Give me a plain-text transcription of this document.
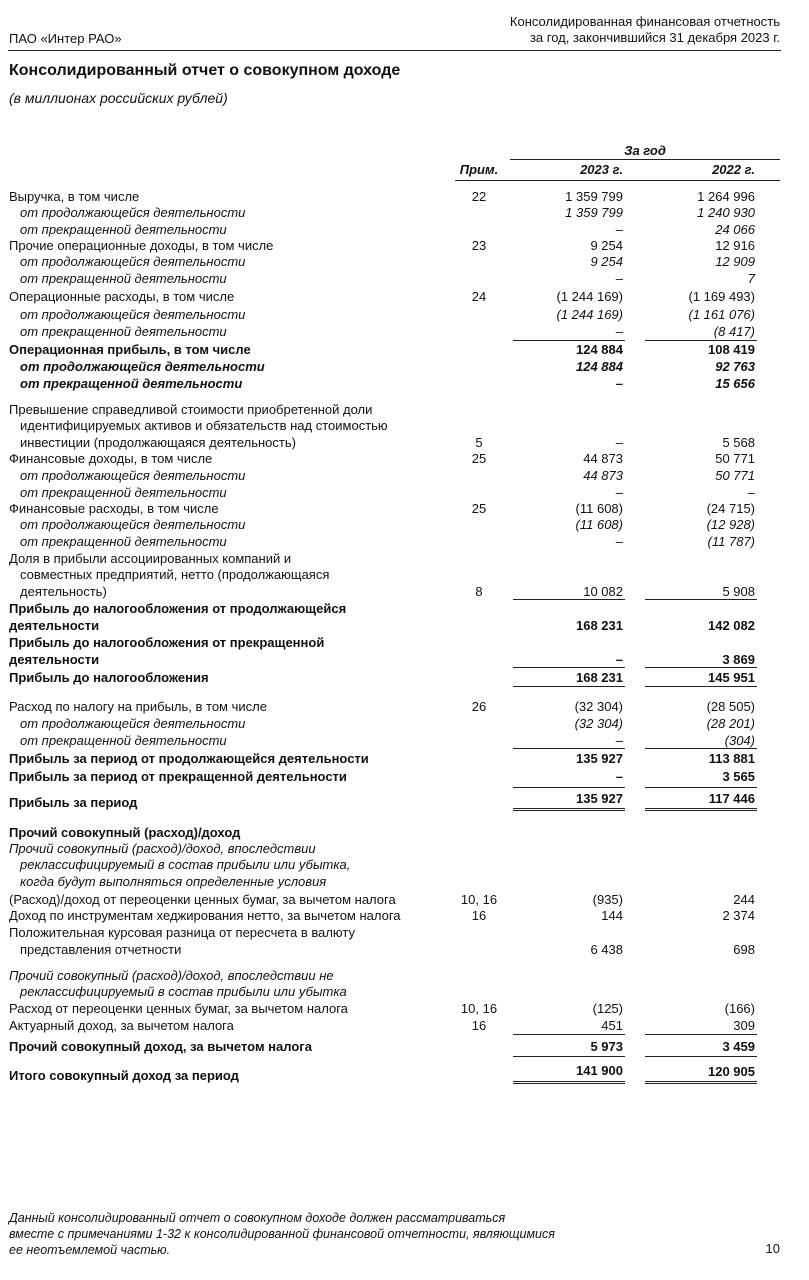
ПАО «Интер РАО»
Консолидированная финансовая отчетность
за год, закончившийся 31 декабря 2023 г.
Консолидированный отчет о совокупном доходе
(в миллионах российских рублей)
За год
Прим.	2023 г.	2022 г.
Выручка, в том числе	22	1 359 799	1 264 996
от продолжающейся деятельности	1 359 799	1 240 930
от прекращенной деятельности	–	24 066
Прочие операционные доходы, в том числе	23	9 254	12 916
от продолжающейся деятельности	9 254	12 909
от прекращенной деятельности	–	7
Операционные расходы, в том числе	24	(1 244 169)	(1 169 493)
от продолжающейся деятельности	(1 244 169)	(1 161 076)
от прекращенной деятельности	–	(8 417)
Операционная прибыль, в том числе	124 884	108 419
от продолжающейся деятельности	124 884	92 763
от прекращенной деятельности	–	15 656
Превышение справедливой стоимости приобретенной доли
идентифицируемых активов и обязательств над стоимостью
инвестиции (продолжающаяся деятельность)	5	–	5 568
Финансовые доходы, в том числе	25	44 873	50 771
от продолжающейся деятельности	44 873	50 771
от прекращенной деятельности	–	–
Финансовые расходы, в том числе	25	(11 608)	(24 715)
от продолжающейся деятельности	(11 608)	(12 928)
от прекращенной деятельности	–	(11 787)
Доля в прибыли ассоциированных компаний и
совместных предприятий, нетто (продолжающаяся
деятельность)	8	10 082	5 908
Прибыль до налогообложения от продолжающейся
деятельности	168 231	142 082
Прибыль до налогообложения от прекращенной
деятельности	–	3 869
Прибыль до налогообложения	168 231	145 951
Расход по налогу на прибыль, в том числе	26	(32 304)	(28 505)
от продолжающейся деятельности	(32 304)	(28 201)
от прекращенной деятельности	–	(304)
Прибыль за период от продолжающейся деятельности	135 927	113 881
Прибыль за период от прекращенной деятельности	–	3 565
Прибыль за период	135 927	117 446
Прочий совокупный (расход)/доход
Прочий совокупный (расход)/доход, впоследствии
реклассифицируемый в состав прибыли или убытка,
когда будут выполняться определенные условия
(Расход)/доход от переоценки ценных бумаг, за вычетом налога	10, 16	(935)	244
Доход по инструментам хеджирования нетто, за вычетом налога	16	144	2 374
Положительная курсовая разница от пересчета в валюту
представления отчетности	6 438	698
Прочий совокупный (расход)/доход, впоследствии не
реклассифицируемый в состав прибыли или убытка
Расход от переоценки ценных бумаг, за вычетом налога	10, 16	(125)	(166)
Актуарный доход, за вычетом налога	16	451	309
Прочий совокупный доход, за вычетом налога	5 973	3 459
Итого совокупный доход за период	141 900	120 905
Данный консолидированный отчет о совокупном доходе должен рассматриваться
вместе с примечаниями 1-32 к консолидированной финансовой отчетности, являющимися
ее неотъемлемой частью.	10
